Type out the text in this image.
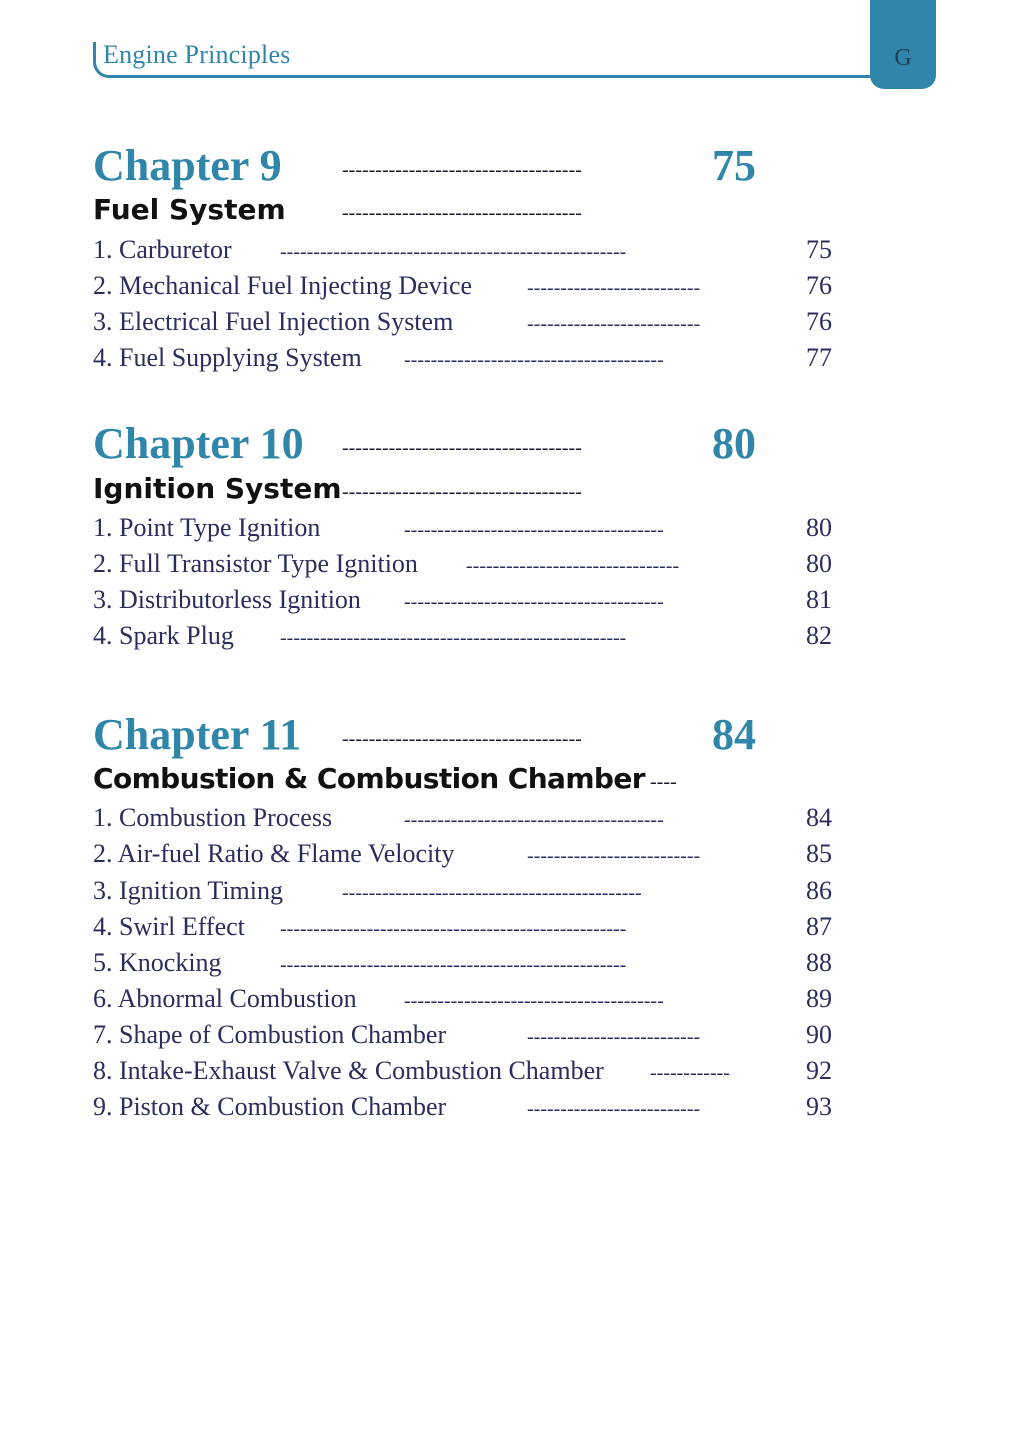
Engine Principles	G
Chapter 9	------------------------------------	75
Fuel System	------------------------------------
1. Carburetor ----------------------------------------------------	75
2. Mechanical Fuel Injecting Device	--------------------------	76
3. Electrical Fuel Injection System	--------------------------	76
4. Fuel Supplying System ---------------------------------------	77
Chapter 10 ------------------------------------	80
Ignition System ------------------------------------
1. Point Type Ignition	---------------------------------------	80
2. Full Transistor Type Ignition --------------------------------	80
3. Distributorless Ignition ---------------------------------------	81
4. Spark Plug ----------------------------------------------------	82
Chapter 11 ------------------------------------	84
Combustion & Combustion Chamber ----
1. Combustion Process	---------------------------------------	84
2. Air-fuel Ratio & Flame Velocity	--------------------------	85
3. Ignition Timing	---------------------------------------------	86
4. Swirl Effect ----------------------------------------------------	87
5. Knocking	----------------------------------------------------	88
6. Abnormal Combustion ---------------------------------------	89
7. Shape of Combustion Chamber	--------------------------	90
8. Intake-Exhaust Valve & Combustion Chamber ------------	92
9. Piston & Combustion Chamber	--------------------------	93
